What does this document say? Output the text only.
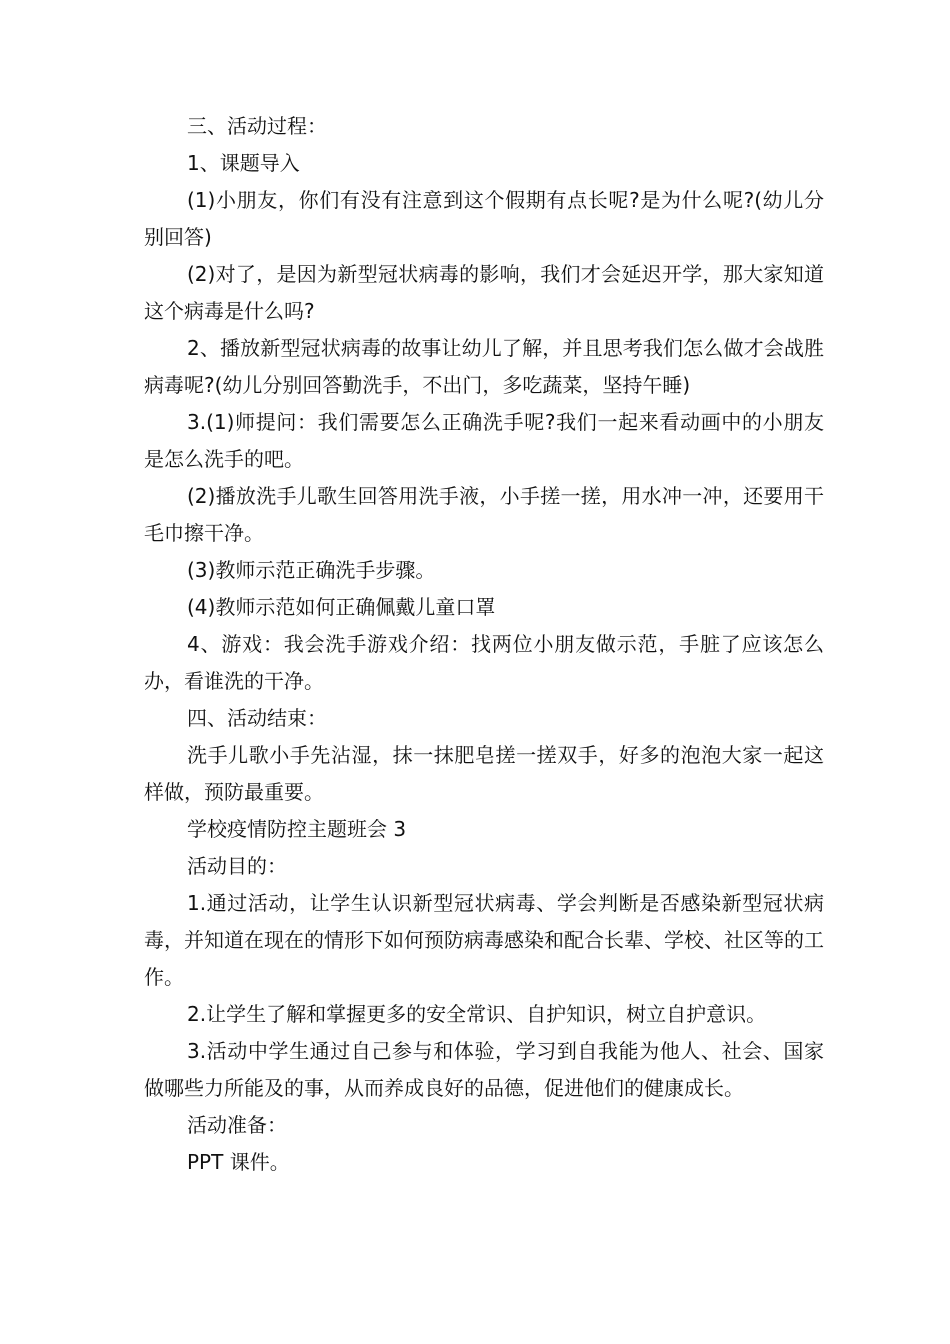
三、活动过程：

1、课题导入

(1)小朋友，你们有没有注意到这个假期有点长呢?是为什么呢?(幼儿分别回答)

(2)对了，是因为新型冠状病毒的影响，我们才会延迟开学，那大家知道这个病毒是什么吗?

2、播放新型冠状病毒的故事让幼儿了解，并且思考我们怎么做才会战胜病毒呢?(幼儿分别回答勤洗手，不出门，多吃蔬菜，坚持午睡)

3.(1)师提问：我们需要怎么正确洗手呢?我们一起来看动画中的小朋友是怎么洗手的吧。

(2)播放洗手儿歌生回答用洗手液，小手搓一搓，用水冲一冲，还要用干毛巾擦干净。

(3)教师示范正确洗手步骤。

(4)教师示范如何正确佩戴儿童口罩

4、游戏：我会洗手游戏介绍：找两位小朋友做示范，手脏了应该怎么办，看谁洗的干净。

四、活动结束：

洗手儿歌小手先沾湿，抹一抹肥皂搓一搓双手，好多的泡泡大家一起这样做，预防最重要。

学校疫情防控主题班会 3

活动目的：

1.通过活动，让学生认识新型冠状病毒、学会判断是否感染新型冠状病毒，并知道在现在的情形下如何预防病毒感染和配合长辈、学校、社区等的工作。

2.让学生了解和掌握更多的安全常识、自护知识，树立自护意识。

3.活动中学生通过自己参与和体验，学习到自我能为他人、社会、国家做哪些力所能及的事，从而养成良好的品德，促进他们的健康成长。

活动准备：

PPT 课件。
